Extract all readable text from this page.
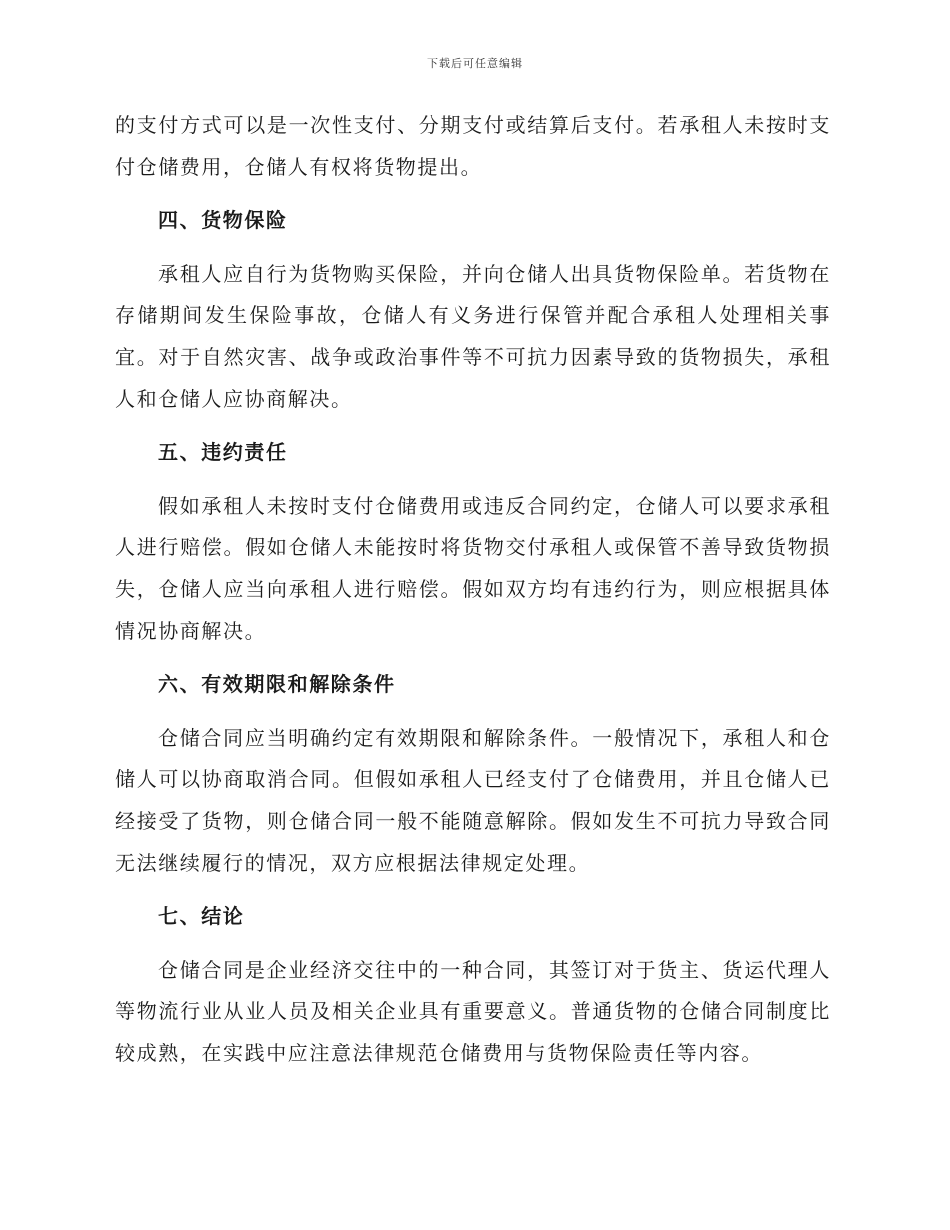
下载后可任意编辑

的支付方式可以是一次性支付、分期支付或结算后支付。若承租人未按时支付仓储费用，仓储人有权将货物提出。

四、货物保险

承租人应自行为货物购买保险，并向仓储人出具货物保险单。若货物在存储期间发生保险事故，仓储人有义务进行保管并配合承租人处理相关事宜。对于自然灾害、战争或政治事件等不可抗力因素导致的货物损失，承租人和仓储人应协商解决。

五、违约责任

假如承租人未按时支付仓储费用或违反合同约定，仓储人可以要求承租人进行赔偿。假如仓储人未能按时将货物交付承租人或保管不善导致货物损失，仓储人应当向承租人进行赔偿。假如双方均有违约行为，则应根据具体情况协商解决。

六、有效期限和解除条件

仓储合同应当明确约定有效期限和解除条件。一般情况下，承租人和仓储人可以协商取消合同。但假如承租人已经支付了仓储费用，并且仓储人已经接受了货物，则仓储合同一般不能随意解除。假如发生不可抗力导致合同无法继续履行的情况，双方应根据法律规定处理。

七、结论

仓储合同是企业经济交往中的一种合同，其签订对于货主、货运代理人等物流行业从业人员及相关企业具有重要意义。普通货物的仓储合同制度比较成熟，在实践中应注意法律规范仓储费用与货物保险责任等内容。
